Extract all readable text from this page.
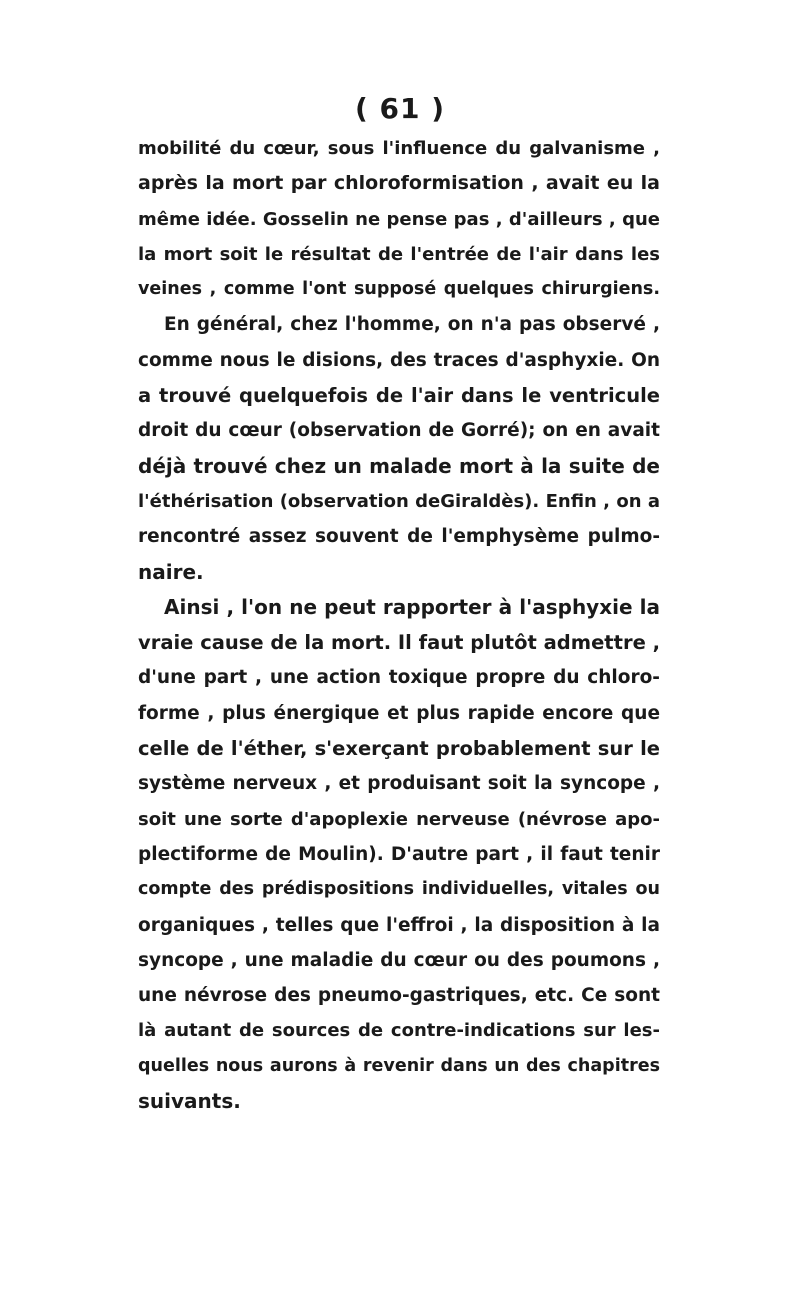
( 61 )
mobilité du cœur, sous l'influence du galvanisme ,
après la mort par chloroformisation , avait eu la
même idée. Gosselin ne pense pas , d'ailleurs , que
la mort soit le résultat de l'entrée de l'air dans les
veines , comme l'ont supposé quelques chirurgiens.
En général, chez l'homme, on n'a pas observé ,
comme nous le disions, des traces d'asphyxie. On
a trouvé quelquefois de l'air dans le ventricule
droit du cœur (observation de Gorré); on en avait
déjà trouvé chez un malade mort à la suite de
l'éthérisation (observation deGiraldès). Enfin , on a
rencontré assez souvent de l'emphysème pulmo-
naire.
Ainsi , l'on ne peut rapporter à l'asphyxie la
vraie cause de la mort. Il faut plutôt admettre ,
d'une part , une action toxique propre du chloro-
forme , plus énergique et plus rapide encore que
celle de l'éther, s'exerçant probablement sur le
système nerveux , et produisant soit la syncope ,
soit une sorte d'apoplexie nerveuse (névrose apo-
plectiforme de Moulin). D'autre part , il faut tenir
compte des prédispositions individuelles, vitales ou
organiques , telles que l'effroi , la disposition à la
syncope , une maladie du cœur ou des poumons ,
une névrose des pneumo-gastriques, etc. Ce sont
là autant de sources de contre-indications sur les-
quelles nous aurons à revenir dans un des chapitres
suivants.
